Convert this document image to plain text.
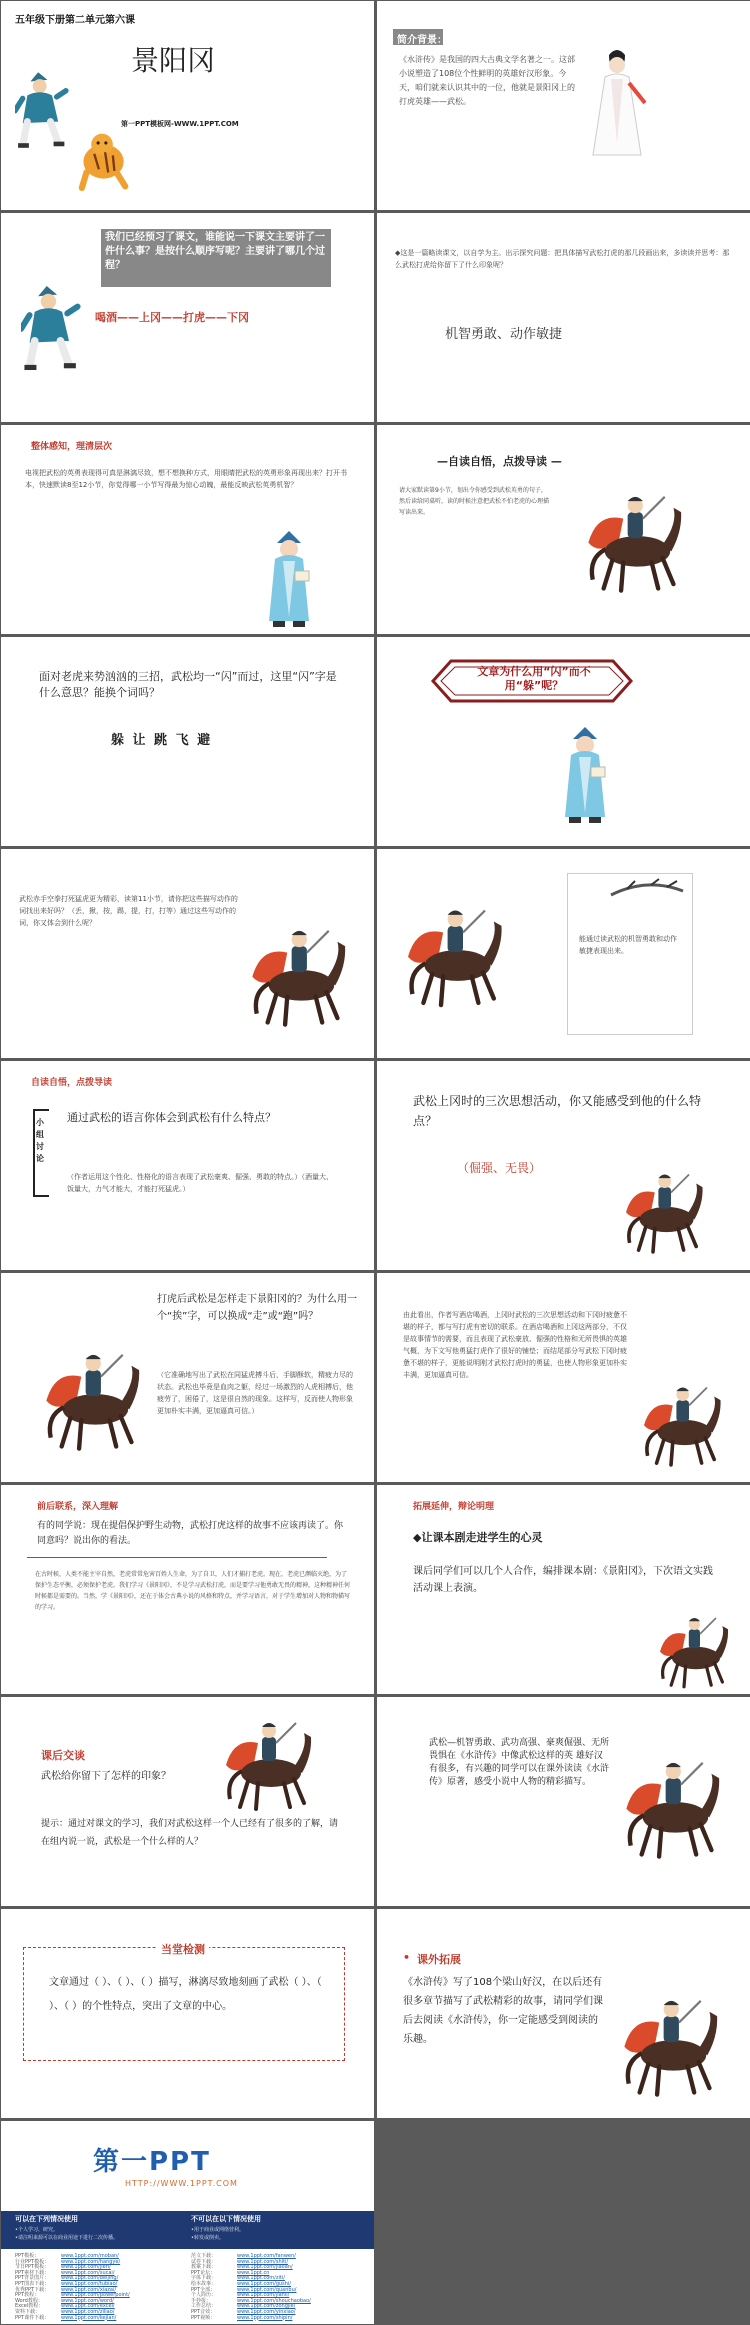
五年级下册第二单元第六课

景阳冈

第一PPT模板网-WWW.1PPT.COM

简介背景：

《水浒传》是我国的四大古典文学名著之一。这部小说塑造了108位个性鲜明的英雄好汉形象。今天，咱们就来认识其中的一位，他就是景阳冈上的打虎英雄——武松。

我们已经预习了课文，谁能说一下课文主要讲了一件什么事？是按什么顺序写呢？主要讲了哪几个过程？

喝酒——上冈——打虎——下冈

◆这是一篇略读课文，以自学为主。出示探究问题：把具体描写武松打虎的那几段画出来，多读读并思考：那么武松打虎给你留下了什么印象呢？

机智勇敢、动作敏捷

整体感知，理清层次

电视把武松的英勇表现得可真是淋漓尽致，想不想换种方式，用眼睛把武松的英勇形象再现出来？打开书本，快速默读8至12小节，你觉得哪一小节写得最为惊心动魄，最能反映武松英勇机智？

—自读自悟，点拨导读 —

请大家默读第9小节，划出令你感受到武松英勇的句子，然后读给同桌听，读的时候注意把武松不怕老虎的心理描写读出来。

面对老虎来势汹汹的三招，武松均一“闪”而过，这里“闪”字是什么意思？能换个词吗？

躲 让 跳 飞 避

文章为什么用“闪”而不用“躲”呢？

武松赤手空拳打死猛虎更为精彩，读第11小节，请你把这些描写动作的词找出来好吗？（丢，揪，按，踢，提，打，打等）通过这些写动作的词，你又体会到什么呢？

能通过读武松的机智勇敢和动作敏捷表现出来。

自读自悟，点拨导读

小组讨论

通过武松的语言你体会到武松有什么特点？

（作者运用这个性化、性格化的语言表现了武松豪爽、倔强、勇敢的特点。）（酒量大、饭量大，力气才能大，才能打死猛虎。）

武松上冈时的三次思想活动，你又能感受到他的什么特点？

（倔强、无畏）

打虎后武松是怎样走下景阳冈的？为什么用一个“挨”字，可以换成“走”或“跑”吗？

（它准确地写出了武松在同猛虎搏斗后，手脚酥软，精疲力尽的状态。武松也毕竟是血肉之躯，经过一场激烈的人虎相搏后，他疲劳了，困倦了，这是很自然的现象。这样写，反而使人物形象更加朴实丰满，更加逼真可信。）

由此看出，作者写酒店喝酒，上冈时武松的三次思想活动和下冈时疲惫不堪的样子，都与写打虎有密切的联系。在酒店喝酒和上冈这两部分，不仅是故事情节的需要，而且表现了武松豪放、倔强的性格和无所畏惧的英雄气概，为下文写他勇猛打虎作了很好的铺垫；而结尾部分写武松下冈时疲惫不堪的样子，更能说明刚才武松打虎时的勇猛，也使人物形象更加朴实丰满，更加逼真可信。

前后联系，深入理解

有的同学说：现在提倡保护野生动物，武松打虎这样的故事不应该再读了。你同意吗？说出你的看法。

在古时候，人类不能主宰自然，老虎常常危害百姓人生命，为了自卫，人们才捕打老虎。现在，老虎已濒临灭绝，为了保护生态平衡，必须保护老虎。我们学习《景阳冈》，不是学习武松打虎，而是要学习他勇敢无畏的精神，这种精神任何时候都是需要的。当然，学《景阳冈》，还在于体会古典小说的风格和特点，并学习语言，对于学生增加对人物和物描写的学习。

拓展延伸，辩论明理

◆让课本剧走进学生的心灵

课后同学们可以几个人合作，编排课本剧：《景阳冈》，下次语文实践活动课上表演。

课后交谈

武松给你留下了怎样的印象？

提示：通过对课文的学习，我们对武松这样一个人已经有了很多的了解，请在组内说一说，武松是一个什么样的人？

武松—机智勇敢、武功高强、豪爽倔强、无所畏惧在《水浒传》中像武松这样的英 雄好汉有很多，有兴趣的同学可以在课外读读《水浒传》原著，感受小说中人物的精彩描写。

当堂检测

文章通过（ ）、（ ）、（ ）描写，淋漓尽致地刻画了武松（ ）、（ ）、（ ）的个性特点，突出了文章的中心。

• 课外拓展

《水浒传》写了108个梁山好汉，在以后还有很多章节描写了武松精彩的故事，请同学们课后去阅读《水浒传》，你一定能感受到阅读的乐趣。

第一PPT

HTTP://WWW.1PPT.COM

可以在下列情况使用

•个人学习、研究。

•请注明来源可以在商业用途下进行二次传播。

不可以在以下情况使用

•用于商业或网络营利。

•转发或倒卖。

PPT模板：	www.1ppt.com/moban/
行业PPT模板： www.1ppt.com/hangye/
节日PPT模板： www.1ppt.com/jieri/
PPT素材下载： www.1ppt.com/sucai/
PPT背景图片： www.1ppt.com/beijing/
PPT图表下载： www.1ppt.com/tubiao/
优秀PPT下载： www.1ppt.com/xiazai/
PPT教程：	www.1ppt.com/powerpoint/
Word教程：	www.1ppt.com/word/
Excel教程：	www.1ppt.com/excel/
资料下载：	www.1ppt.com/ziliao/
PPT课件下载： www.1ppt.com/kejian/
范文下载：	www.1ppt.com/fanwen/
试卷下载：	www.1ppt.com/shiti/
教案下载：	www.1ppt.com/jiaoan/
PPT论坛：	www.1ppt.cn
字体下载：	www.1ppt.com/ziti/
绘本故事：	www.1ppt.com/gushi/
PPT全部：	www.1ppt.com/quanbu/
个人简历：	www.1ppt.com/jianli/
手抄报：	www.1ppt.com/shouchaobao/
工作总结：	www.1ppt.com/zongjie/
PPT音效：	www.1ppt.com/yinxiao/
PPT视频：	www.1ppt.com/shipin/
